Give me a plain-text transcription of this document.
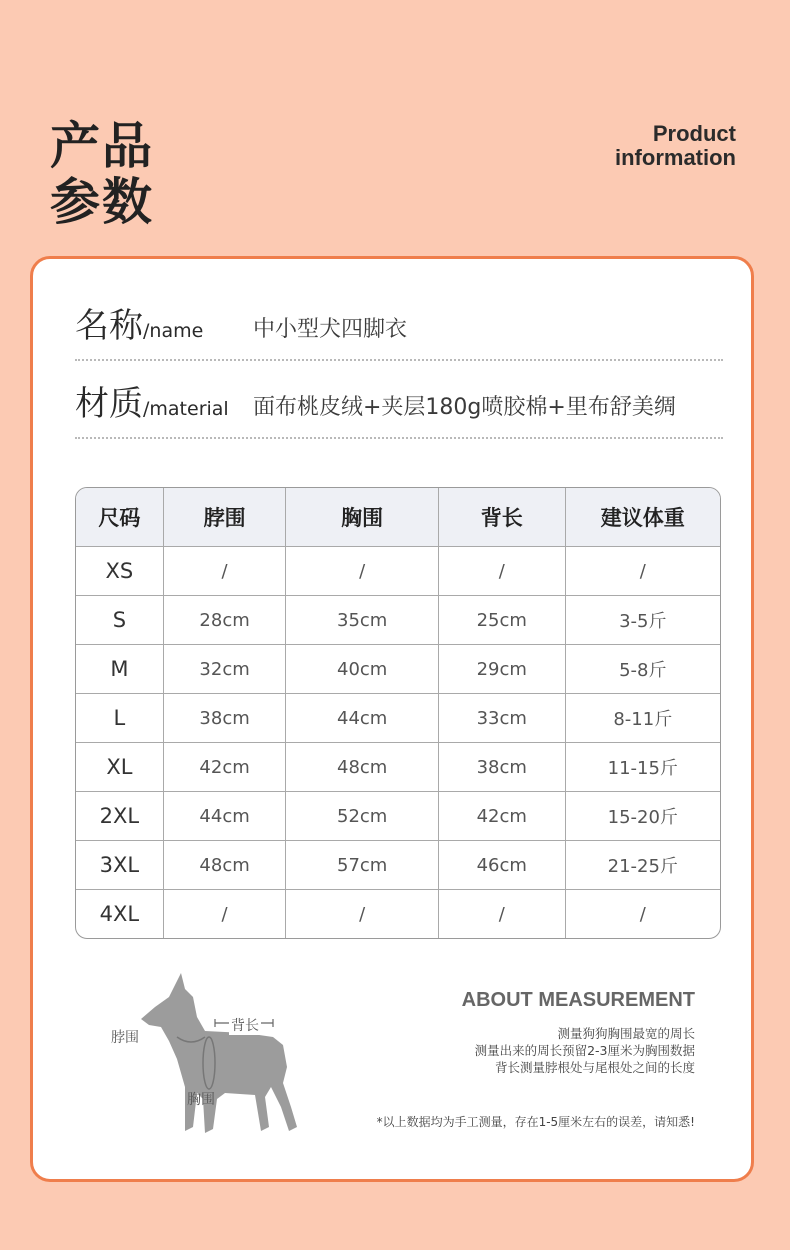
产品
参数
Product
information
名称/name 中小型犬四脚衣
材质/material 面布桃皮绒+夹层180g喷胶棉+里布舒美绸
尺码	脖围	胸围	背长	建议体重
XS	/	/	/	/
S	28cm	35cm	25cm	3-5斤
M	32cm	40cm	29cm	5-8斤
L	38cm	44cm	33cm	8-11斤
XL	42cm	48cm	38cm	11-15斤
2XL	44cm	52cm	42cm	15-20斤
3XL	48cm	57cm	46cm	21-25斤
4XL	/	/	/	/
脖围
背长
胸围
ABOUT MEASUREMENT
测量狗狗胸围最宽的周长
测量出来的周长预留2-3厘米为胸围数据
背长测量脖根处与尾根处之间的长度
*以上数据均为手工测量，存在1-5厘米左右的误差，请知悉!
